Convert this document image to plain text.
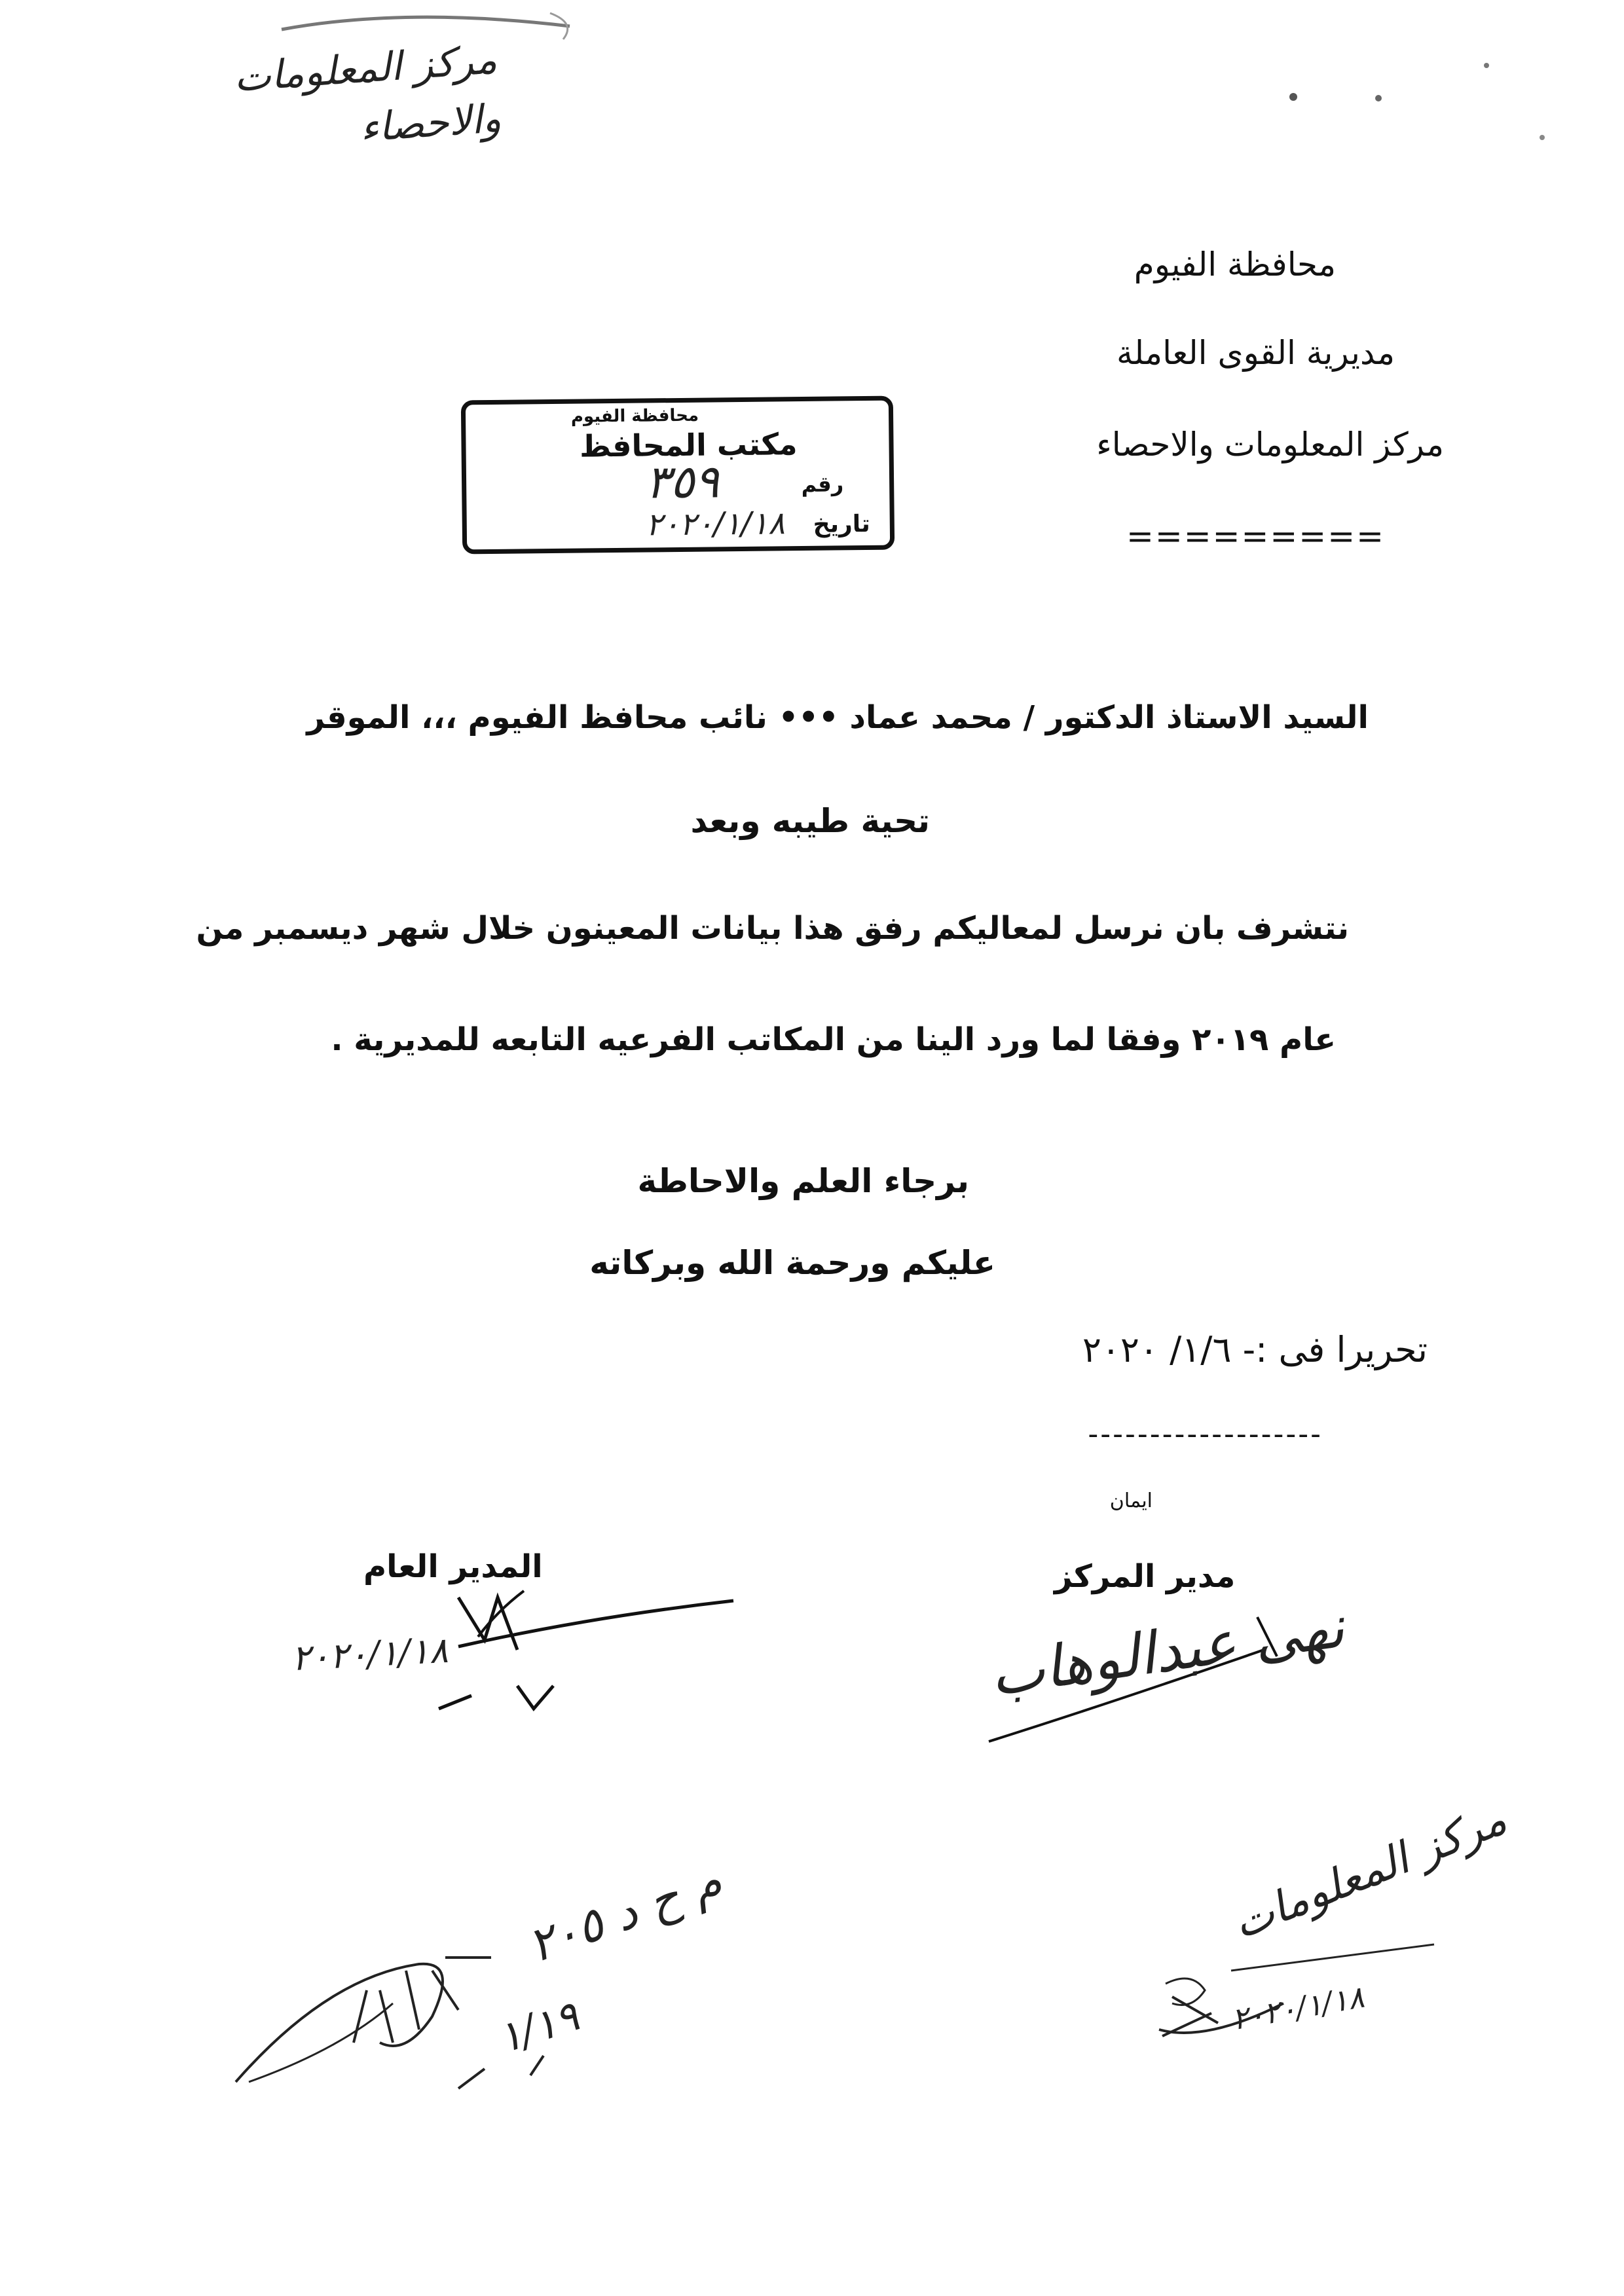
مركز المعلومات
والاحصاء
محافظة الفيوم
مديرية القوى العاملة
مركز المعلومات والاحصاء
=========
محافظة الفيوم
مكتب المحافظ
رقم
٣٥٩
تاريخ
٢٠٢٠/١/١٨
السيد الاستاذ الدكتور / محمد عماد ••• نائب محافظ الفيوم ،،، الموقر
تحية طيبه وبعد
نتشرف بان نرسل لمعاليكم رفق هذا بيانات المعينون خلال شهر ديسمبر من
عام ٢٠١٩ وفقا لما ورد الينا من المكاتب الفرعيه التابعه للمديرية .
برجاء العلم والاحاطة
عليكم ورحمة الله وبركاته
تحريرا فى :- ١/٦/ ٢٠٢٠
-------------------
ايمان
مدير المركز
المدير العام
نهى عبدالوهاب
٢٠٢٠/١/١٨
مركز المعلومات
٢٠٢٠/١/١٨
م ح د ٢٠٥
١/١٩
